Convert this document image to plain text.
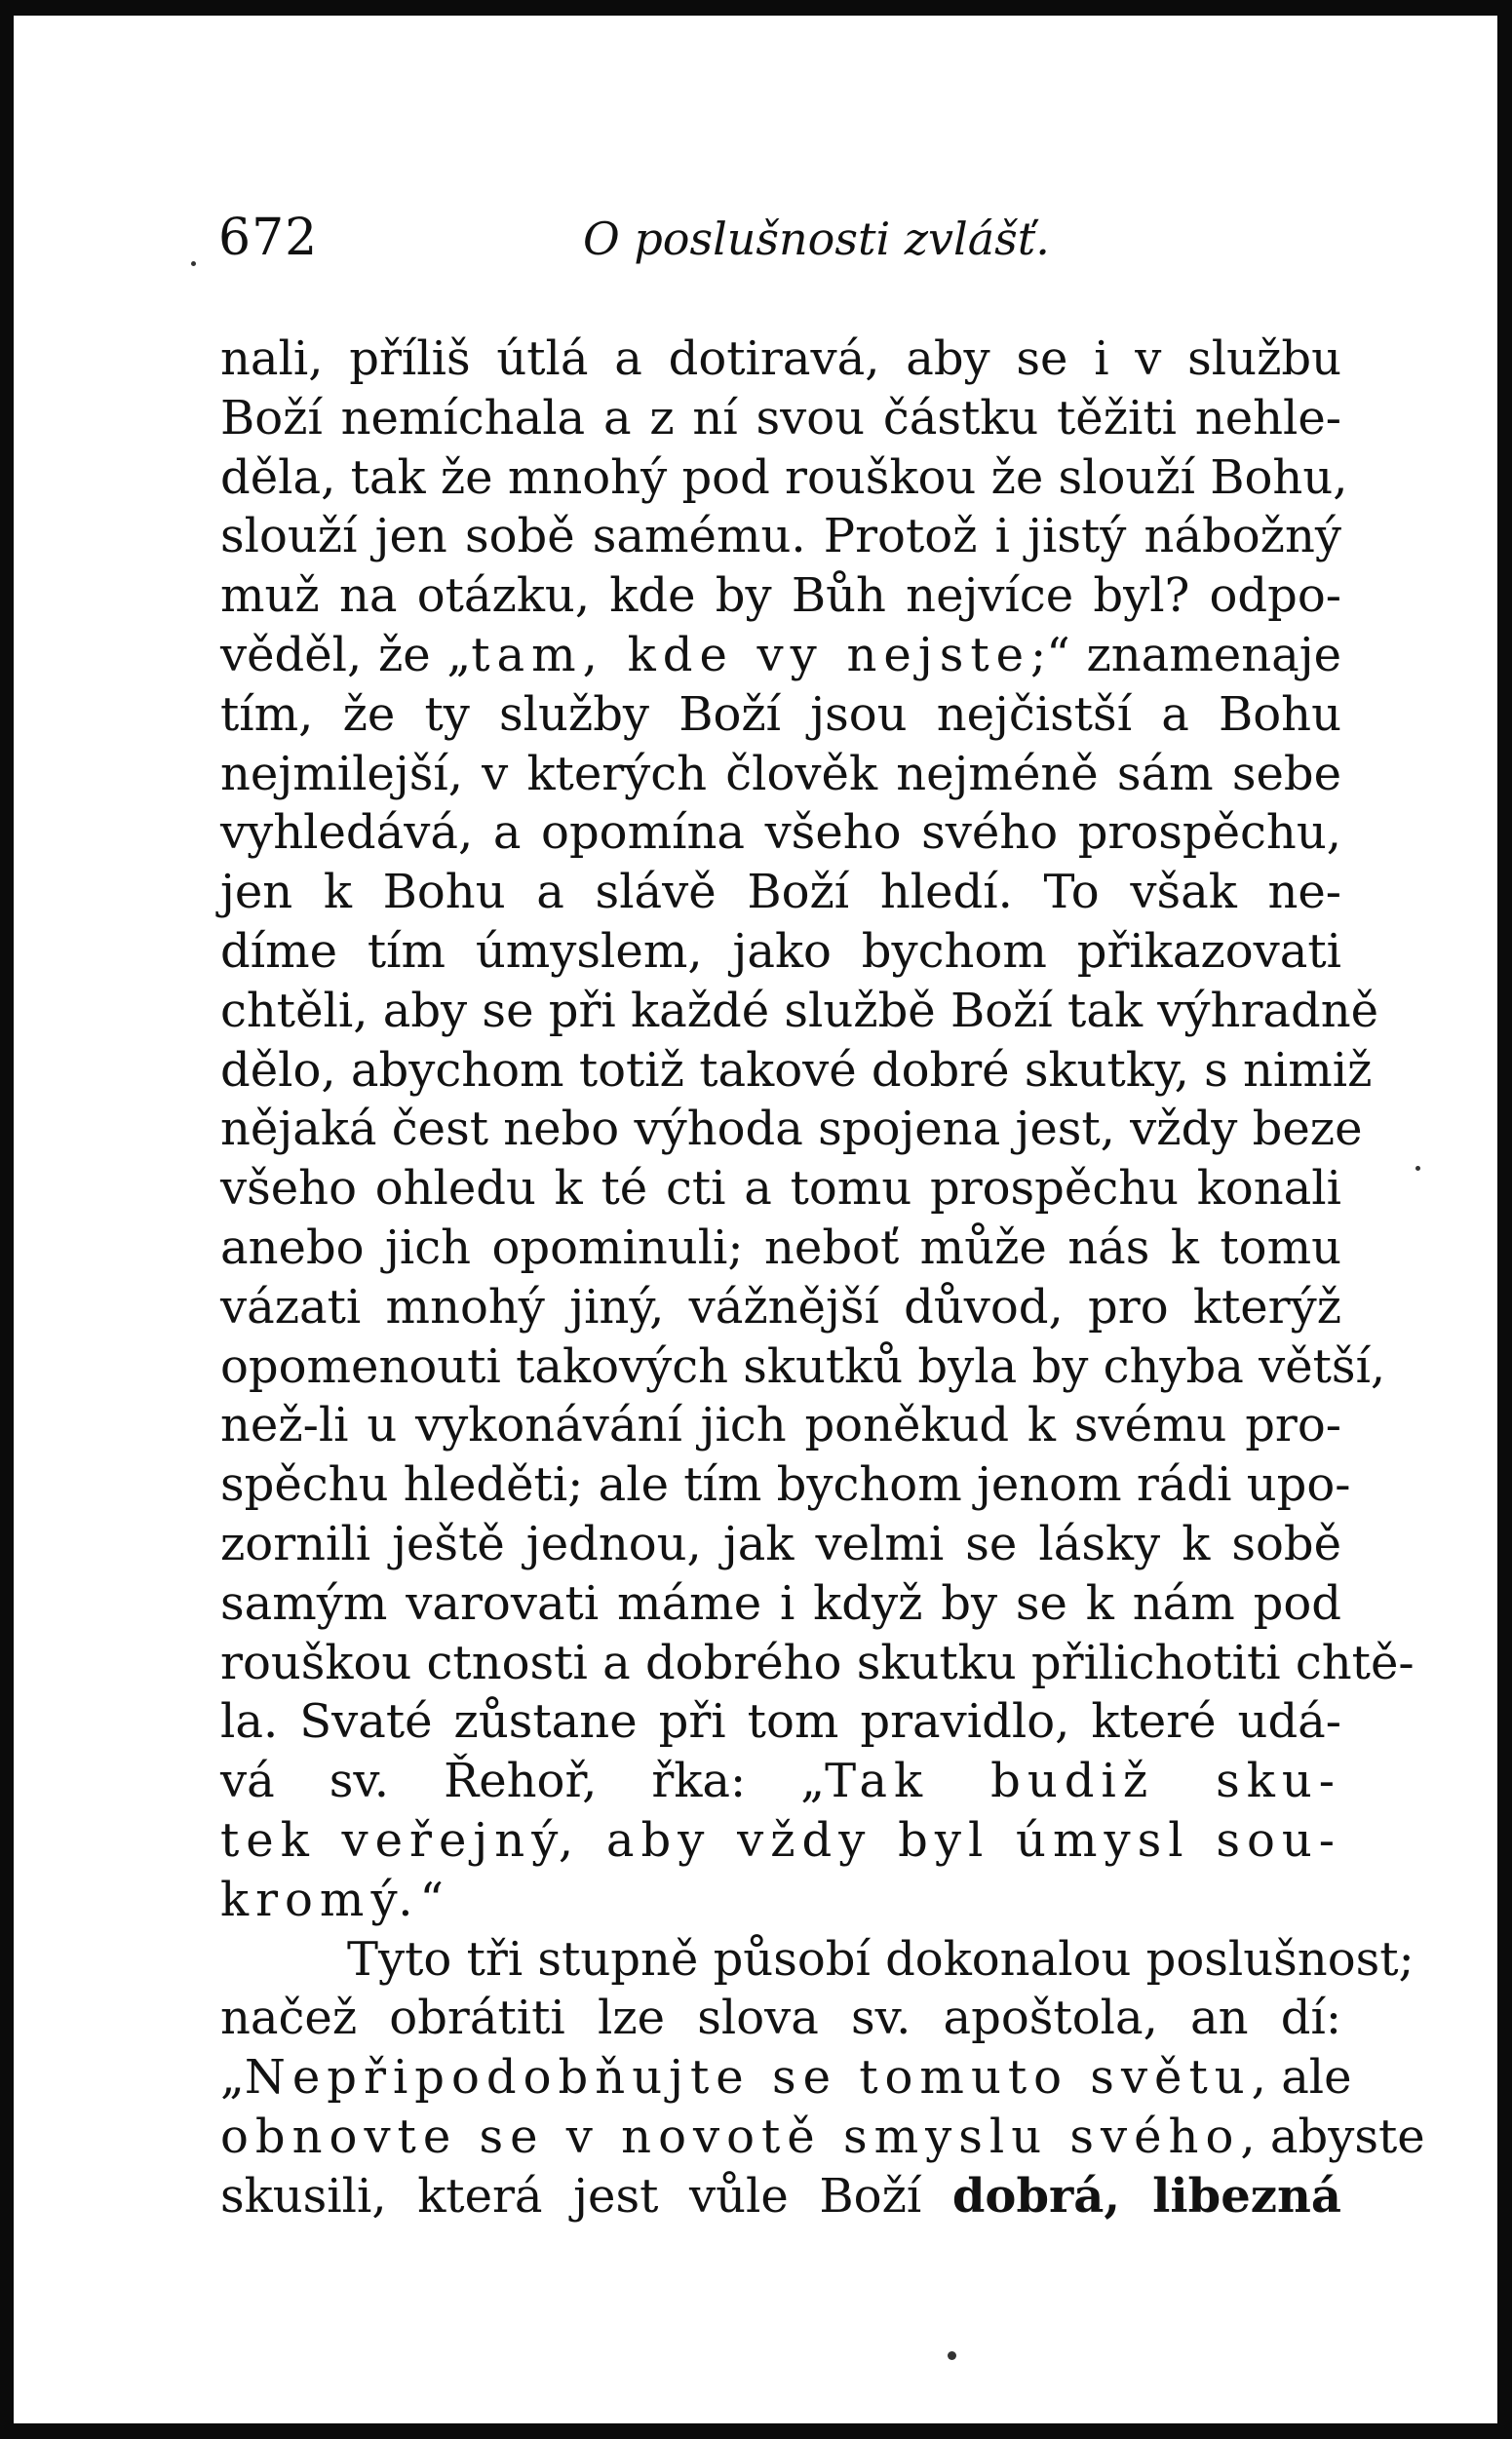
672	O poslušnosti zvlášť.
nali, příliš útlá a dotiravá, aby se i v službu
Boží nemíchala a z ní svou částku těžiti nehle-
děla, tak že mnohý pod rouškou že slouží Bohu,
slouží jen sobě samému. Protož i jistý nábožný
muž na otázku, kde by Bůh nejvíce byl? odpo-
věděl, že „tam, kde vy nejste;“ znamenaje
tím, že ty služby Boží jsou nejčistší a Bohu
nejmilejší, v kterých člověk nejméně sám sebe
vyhledává, a opomína všeho svého prospěchu,
jen k Bohu a slávě Boží hledí. To však ne-
díme tím úmyslem, jako bychom přikazovati
chtěli, aby se při každé službě Boží tak výhradně
dělo, abychom totiž takové dobré skutky, s nimiž
nějaká čest nebo výhoda spojena jest, vždy beze
všeho ohledu k té cti a tomu prospěchu konali
anebo jich opominuli; neboť může nás k tomu
vázati mnohý jiný, vážnější důvod, pro kterýž
opomenouti takových skutků byla by chyba větší,
než-li u vykonávání jich poněkud k svému pro-
spěchu hleděti; ale tím bychom jenom rádi upo-
zornili ještě jednou, jak velmi se lásky k sobě
samým varovati máme i když by se k nám pod
rouškou ctnosti a dobrého skutku přilichotiti chtě-
la. Svaté zůstane při tom pravidlo, které udá-
vá sv. Řehoř, řka: „Tak budiž sku-
tek veřejný, aby vždy byl úmysl sou-
kromý.“
Tyto tři stupně působí dokonalou poslušnost;
načež obrátiti lze slova sv. apoštola, an dí:
„Nepřipodobňujte se tomuto světu, ale
obnovte se v novotě smyslu svého, abyste
skusili, která jest vůle Boží dobrá, libezná
